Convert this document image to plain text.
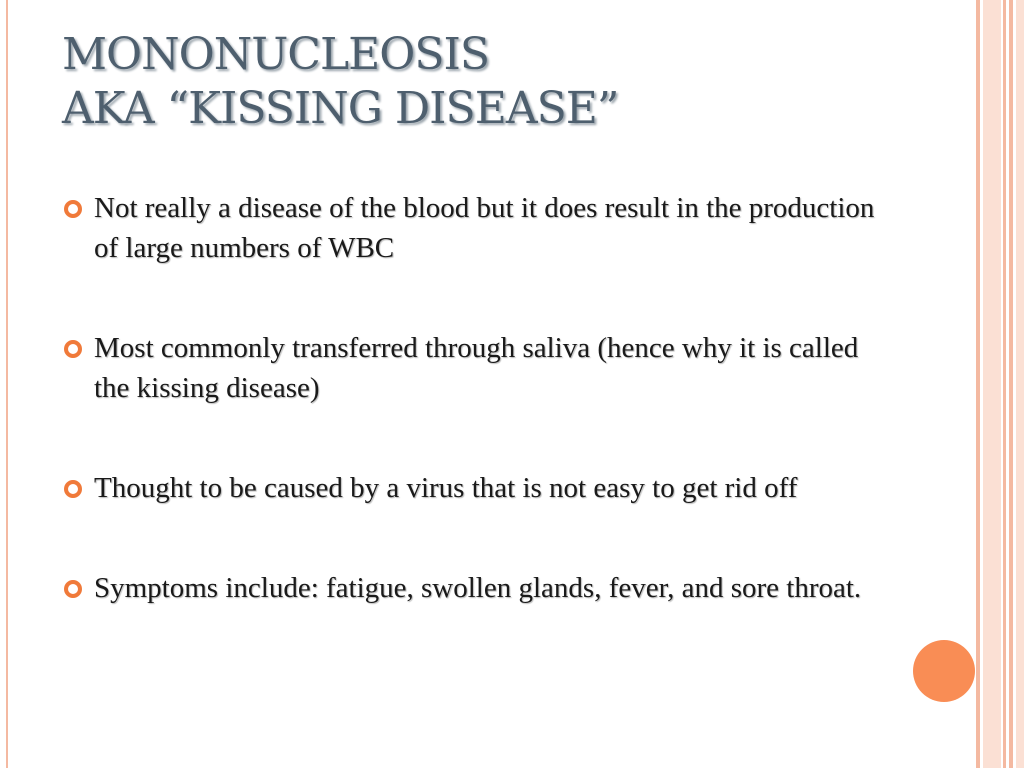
MONONUCLEOSIS
AKA “KISSING DISEASE”
Not really a disease of the blood but it does result in the production of large numbers of WBC
Most commonly transferred through saliva (hence why it is called the kissing disease)
Thought to be caused by a virus that is not easy to get rid off
Symptoms include: fatigue, swollen glands, fever, and sore throat.
